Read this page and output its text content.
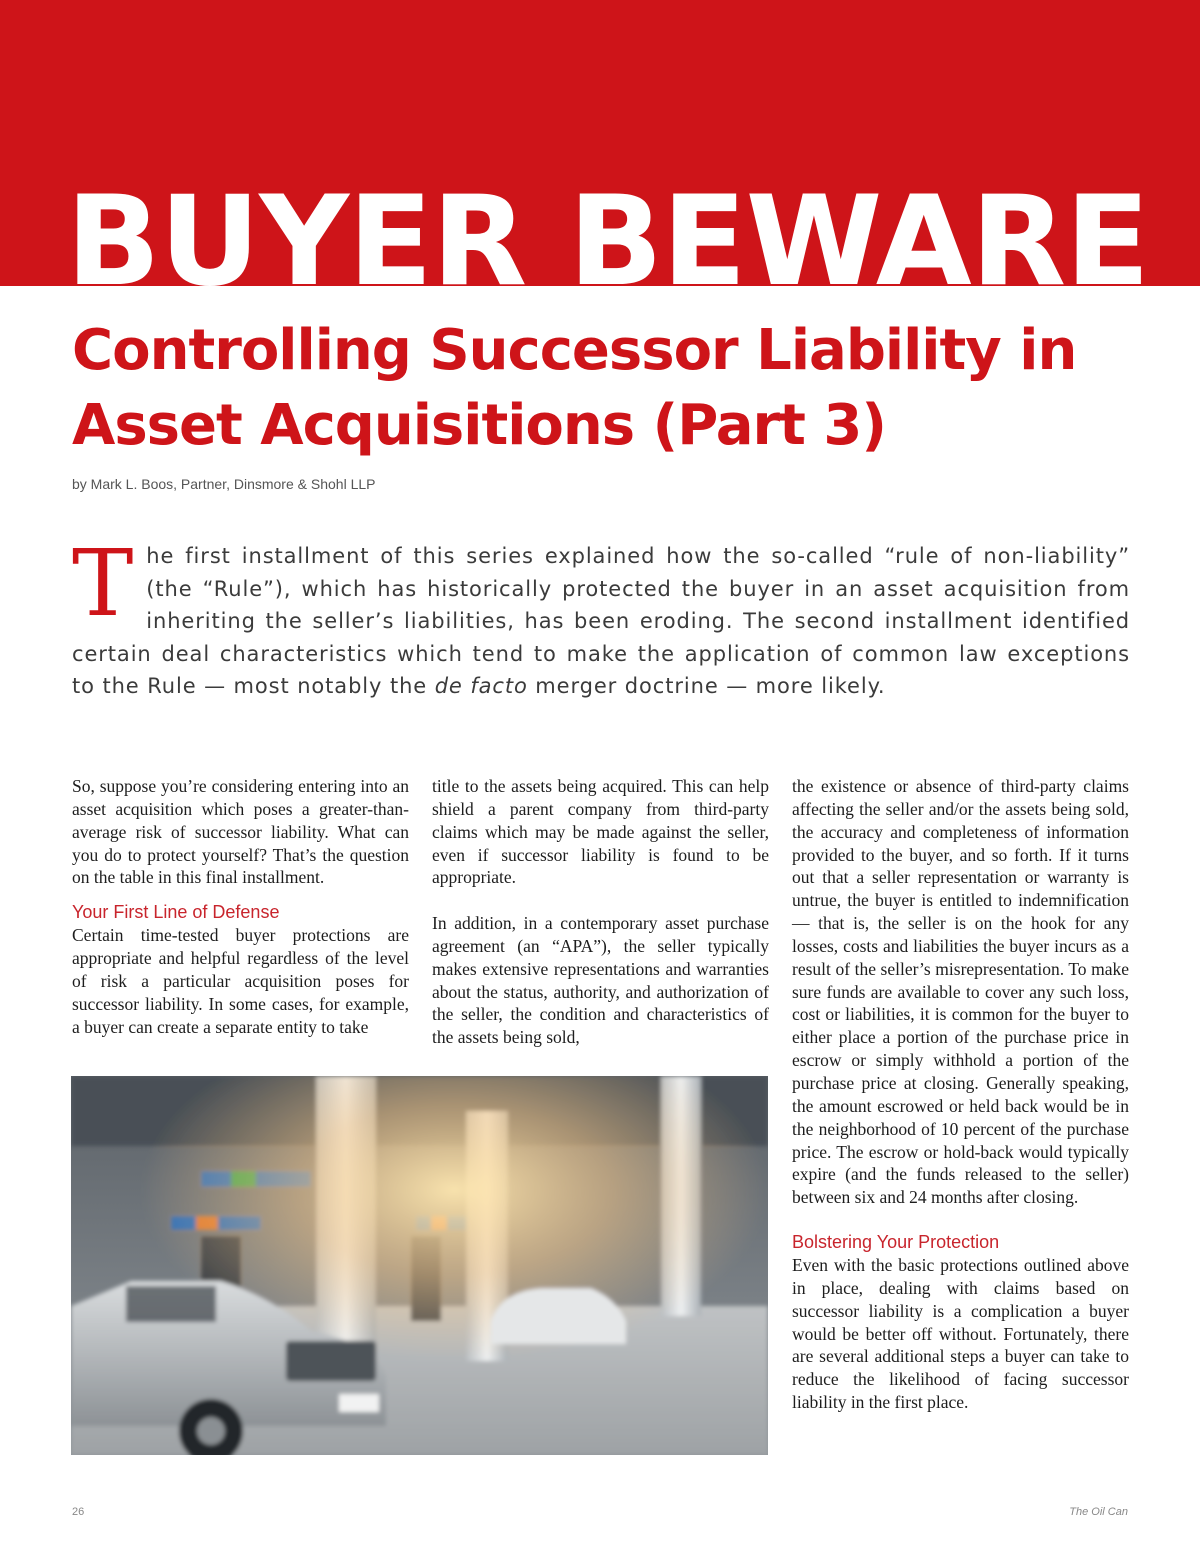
BUYER BEWARE
Controlling Successor Liability in Asset Acquisitions (Part 3)

by Mark L. Boos, Partner, Dinsmore & Shohl LLP

The first installment of this series explained how the so-called “rule of non-liability” (the “Rule”), which has historically protected the buyer in an asset acquisition from inheriting the seller’s liabilities, has been eroding. The second installment identified certain deal characteristics which tend to make the application of common law exceptions to the Rule — most notably the de facto merger doctrine — more likely.

So, suppose you’re considering entering into an asset acquisition which poses a greater-than-average risk of successor liability. What can you do to protect yourself? That’s the question on the table in this final installment.

Your First Line of Defense

Certain time-tested buyer protections are appropriate and helpful regardless of the level of risk a particular acquisition poses for successor liability. In some cases, for example, a buyer can create a separate entity to take

title to the assets being acquired. This can help shield a parent company from third-party claims which may be made against the seller, even if successor liability is found to be appropriate.

In addition, in a contemporary asset purchase agreement (an “APA”), the seller typically makes extensive representations and warranties about the status, authority, and authorization of the seller, the condition and characteristics of the assets being sold,

the existence or absence of third-party claims affecting the seller and/or the assets being sold, the accuracy and completeness of information provided to the buyer, and so forth. If it turns out that a seller representation or warranty is untrue, the buyer is entitled to indemnification — that is, the seller is on the hook for any losses, costs and liabilities the buyer incurs as a result of the seller’s misrepresentation. To make sure funds are available to cover any such loss, cost or liabilities, it is common for the buyer to either place a portion of the purchase price in escrow or simply withhold a portion of the purchase price at closing. Generally speaking, the amount escrowed or held back would be in the neighborhood of 10 percent of the purchase price. The escrow or hold-back would typically expire (and the funds released to the seller) between six and 24 months after closing.

Bolstering Your Protection

Even with the basic protections outlined above in place, dealing with claims based on successor liability is a complication a buyer would be better off without. Fortunately, there are several additional steps a buyer can take to reduce the likelihood of facing successor liability in the first place.

26	The Oil Can
